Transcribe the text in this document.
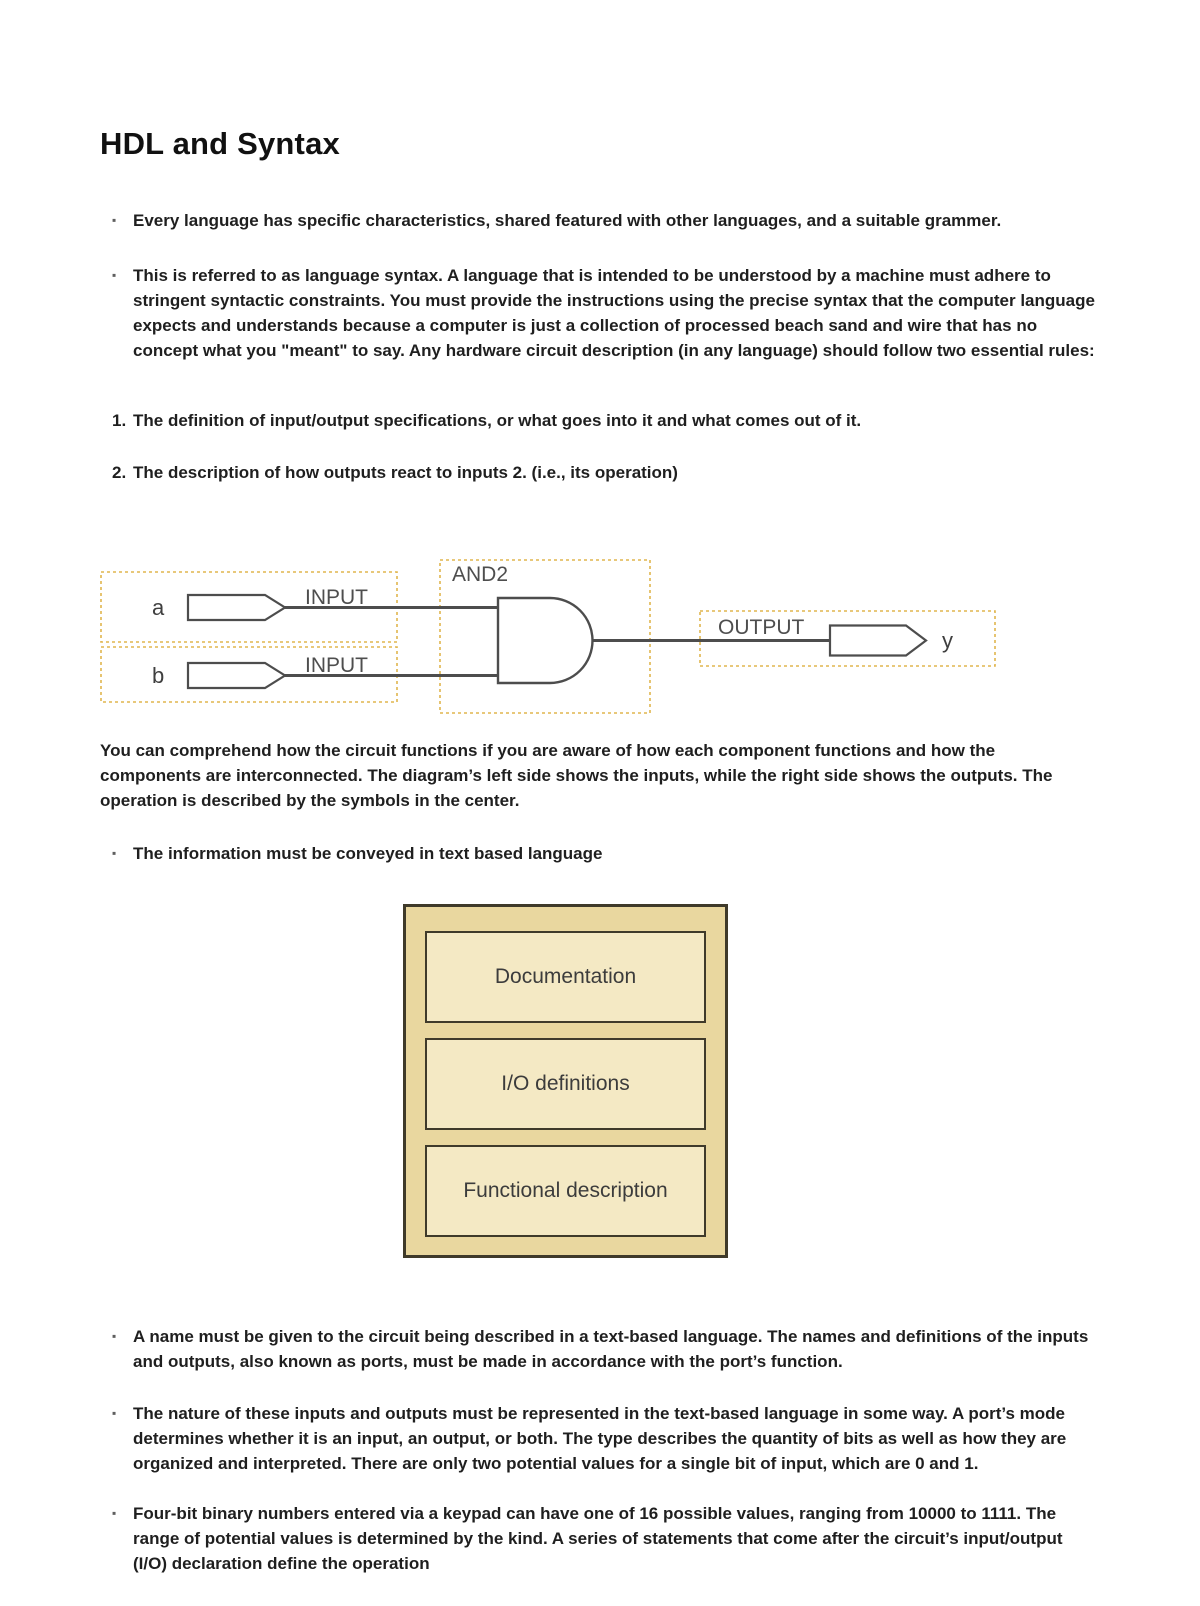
HDL and Syntax
▪ Every language has specific characteristics, shared featured with other languages, and a suitable grammer.
▪ This is referred to as language syntax. A language that is intended to be understood by a machine must adhere to stringent syntactic constraints. You must provide the instructions using the precise syntax that the computer language expects and understands because a computer is just a collection of processed beach sand and wire that has no concept what you "meant" to say. Any hardware circuit description (in any language) should follow two essential rules:
1. The definition of input/output specifications, or what goes into it and what comes out of it.
2. The description of how outputs react to inputs 2. (i.e., its operation)
a
b
INPUT
INPUT
AND2
OUTPUT
y

You can comprehend how the circuit functions if you are aware of how each component functions and how the components are interconnected. The diagram’s left side shows the inputs, while the right side shows the outputs. The operation is described by the symbols in the center.

▪ The information must be conveyed in text based language
Documentation
I/O definitions
Functional description
▪ A name must be given to the circuit being described in a text-based language. The names and definitions of the inputs and outputs, also known as ports, must be made in accordance with the port’s function.
▪ The nature of these inputs and outputs must be represented in the text-based language in some way. A port’s mode determines whether it is an input, an output, or both. The type describes the quantity of bits as well as how they are organized and interpreted. There are only two potential values for a single bit of input, which are 0 and 1.
▪ Four-bit binary numbers entered via a keypad can have one of 16 possible values, ranging from 10000 to 1111. The range of potential values is determined by the kind. A series of statements that come after the circuit’s input/output (I/O) declaration define the operation
